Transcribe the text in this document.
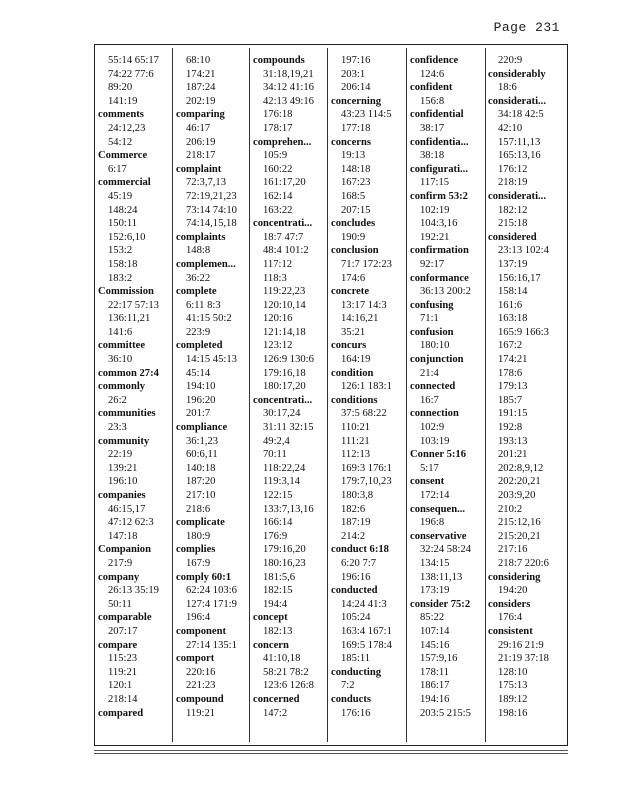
Page 231
55:14 65:17
74:22 77:6
89:20
141:19
comments
24:12,23
54:12
Commerce
6:17
commercial
45:19
148:24
150:11
152:6,10
153:2
158:18
183:2
Commission
22:17 57:13
136:11,21
141:6
committee
36:10
common 27:4
commonly
26:2
communities
23:3
community
22:19
139:21
196:10
companies
46:15,17
47:12 62:3
147:18
Companion
217:9
company
26:13 35:19
50:11
comparable
207:17
compare
115:23
119:21
120:1
218:14
compared
68:10
174:21
187:24
202:19
comparing
46:17
206:19
218:17
complaint
72:3,7,13
72:19,21,23
73:14 74:10
74:14,15,18
complaints
148:8
complemen...
36:22
complete
6:11 8:3
41:15 50:2
223:9
completed
14:15 45:13
45:14
194:10
196:20
201:7
compliance
36:1,23
60:6,11
140:18
187:20
217:10
218:6
complicate
180:9
complies
167:9
comply 60:1
62:24 103:6
127:4 171:9
196:4
component
27:14 135:1
comport
220:16
221:23
compound
119:21
compounds
31:18,19,21
34:12 41:16
42:13 49:16
176:18
178:17
comprehen...
105:9
160:22
161:17,20
162:14
163:22
concentrati...
18:7 47:7
48:4 101:2
117:12
118:3
119:22,23
120:10,14
120:16
121:14,18
123:12
126:9 130:6
179:16,18
180:17,20
concentrati...
30:17,24
31:11 32:15
49:2,4
70:11
118:22,24
119:3,14
122:15
133:7,13,16
166:14
176:9
179:16,20
180:16,23
181:5,6
182:15
194:4
concept
182:13
concern
41:10,18
58:21 78:2
123:6 126:8
concerned
147:2
197:16
203:1
206:14
concerning
43:23 114:5
177:18
concerns
19:13
148:18
167:23
168:5
207:15
concludes
190:9
conclusion
71:7 172:23
174:6
concrete
13:17 14:3
14:16,21
35:21
concurs
164:19
condition
126:1 183:1
conditions
37:5 68:22
110:21
111:21
112:13
169:3 176:1
179:7,10,23
180:3,8
182:6
187:19
214:2
conduct 6:18
6:20 7:7
196:16
conducted
14:24 41:3
105:24
163:4 167:1
169:5 178:4
185:11
conducting
7:2
conducts
176:16
confidence
124:6
confident
156:8
confidential
38:17
confidentia...
38:18
configurati...
117:15
confirm 53:2
102:19
104:3,16
192:21
confirmation
92:17
conformance
36:13 200:2
confusing
71:1
confusion
180:10
conjunction
21:4
connected
16:7
connection
102:9
103:19
Conner 5:16
5:17
consent
172:14
consequen...
196:8
conservative
32:24 58:24
134:15
138:11,13
173:19
consider 75:2
85:22
107:14
145:16
157:9,16
178:11
186:17
194:16
203:5 215:5
220:9
considerably
18:6
considerati...
34:18 42:5
42:10
157:11,13
165:13,16
176:12
218:19
considerati...
182:12
215:18
considered
23:13 102:4
137:19
156:16,17
158:14
161:6
163:18
165:9 166:3
167:2
174:21
178:6
179:13
185:7
191:15
192:8
193:13
201:21
202:8,9,12
202:20,21
203:9,20
210:2
215:12,16
215:20,21
217:16
218:7 220:6
considering
194:20
considers
176:4
consistent
29:16 21:9
21:19 37:18
128:10
175:13
189:12
198:16
